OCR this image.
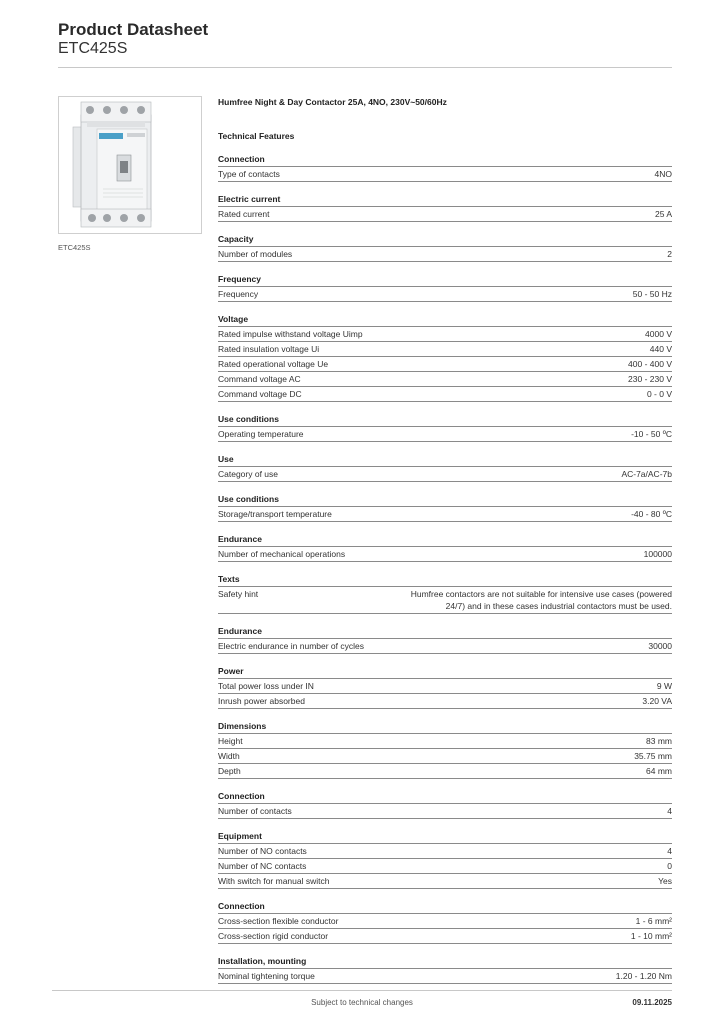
Product Datasheet
ETC425S
ETC425S
Humfree Night & Day Contactor 25A, 4NO, 230V~50/60Hz
Technical Features
Connection
Type of contacts	4NO
Electric current
Rated current	25 A
Capacity
Number of modules	2
Frequency
Frequency	50 - 50 Hz
Voltage
Rated impulse withstand voltage Uimp	4000 V
Rated insulation voltage Ui	440 V
Rated operational voltage Ue	400 - 400 V
Command voltage AC	230 - 230 V
Command voltage DC	0 - 0 V
Use conditions
Operating temperature	-10 - 50 ºC
Use
Category of use	AC-7a/AC-7b
Use conditions
Storage/transport temperature	-40 - 80 ºC
Endurance
Number of mechanical operations	100000
Texts
Safety hint	Humfree contactors are not suitable for intensive use cases (powered 24/7) and in these cases industrial contactors must be used.
Endurance
Electric endurance in number of cycles	30000
Power
Total power loss under IN	9 W
Inrush power absorbed	3.20 VA
Dimensions
Height	83 mm
Width	35.75 mm
Depth	64 mm
Connection
Number of contacts	4
Equipment
Number of NO contacts	4
Number of NC contacts	0
With switch for manual switch	Yes
Connection
Cross-section flexible conductor	1 - 6 mm²
Cross-section rigid conductor	1 - 10 mm²
Installation, mounting
Nominal tightening torque	1.20 - 1.20 Nm
Subject to technical changes	09.11.2025
